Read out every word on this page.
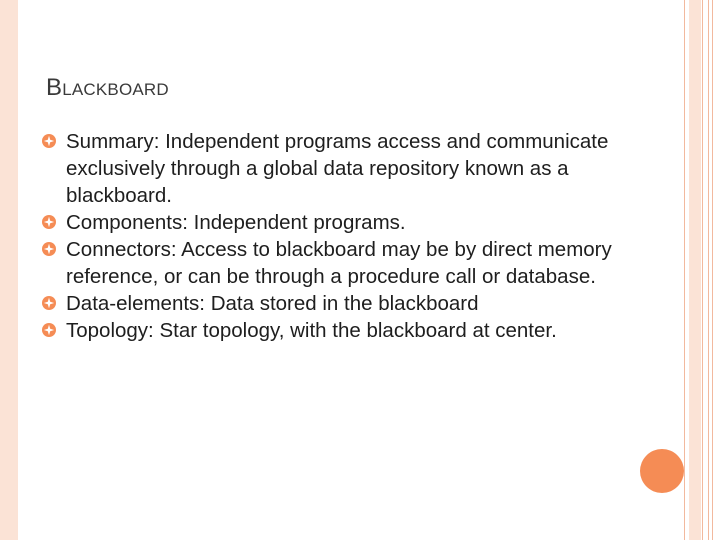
BLACKBOARD
Summary: Independent programs access and communicate exclusively through a global data repository known as a blackboard.
Components: Independent programs.
Connectors: Access to blackboard may be by direct memory reference, or can be through a procedure call or database.
Data-elements: Data stored in the blackboard
Topology: Star topology, with the blackboard at center.
